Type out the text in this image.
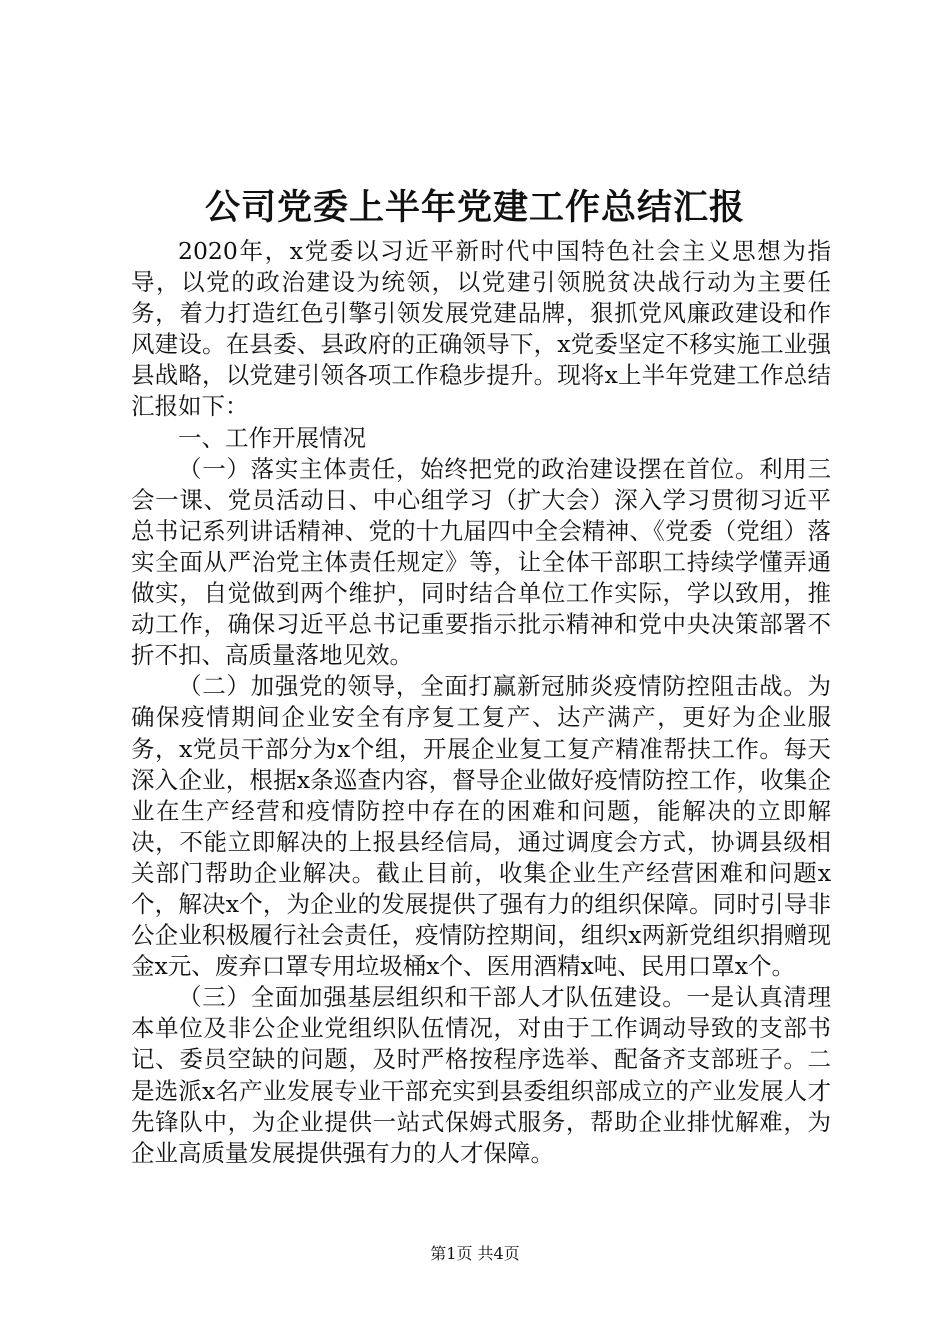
公司党委上半年党建工作总结汇报

2020年，x党委以习近平新时代中国特色社会主义思想为指导，以党的政治建设为统领，以党建引领脱贫决战行动为主要任务，着力打造红色引擎引领发展党建品牌，狠抓党风廉政建设和作风建设。在县委、县政府的正确领导下，x党委坚定不移实施工业强县战略，以党建引领各项工作稳步提升。现将x上半年党建工作总结汇报如下：

一、工作开展情况

（一）落实主体责任，始终把党的政治建设摆在首位。利用三会一课、党员活动日、中心组学习（扩大会）深入学习贯彻习近平总书记系列讲话精神、党的十九届四中全会精神、《党委（党组）落实全面从严治党主体责任规定》等，让全体干部职工持续学懂弄通做实，自觉做到两个维护，同时结合单位工作实际，学以致用，推动工作，确保习近平总书记重要指示批示精神和党中央决策部署不折不扣、高质量落地见效。

（二）加强党的领导，全面打赢新冠肺炎疫情防控阻击战。为确保疫情期间企业安全有序复工复产、达产满产，更好为企业服务，x党员干部分为x个组，开展企业复工复产精准帮扶工作。每天深入企业，根据x条巡查内容，督导企业做好疫情防控工作，收集企业在生产经营和疫情防控中存在的困难和问题，能解决的立即解决，不能立即解决的上报县经信局，通过调度会方式，协调县级相关部门帮助企业解决。截止目前，收集企业生产经营困难和问题x个，解决x个，为企业的发展提供了强有力的组织保障。同时引导非公企业积极履行社会责任，疫情防控期间，组织x两新党组织捐赠现金x元、废弃口罩专用垃圾桶x个、医用酒精x吨、民用口罩x个。

（三）全面加强基层组织和干部人才队伍建设。一是认真清理本单位及非公企业党组织队伍情况，对由于工作调动导致的支部书记、委员空缺的问题，及时严格按程序选举、配备齐支部班子。二是选派x名产业发展专业干部充实到县委组织部成立的产业发展人才先锋队中，为企业提供一站式保姆式服务，帮助企业排忧解难，为企业高质量发展提供强有力的人才保障。

第1页 共4页
